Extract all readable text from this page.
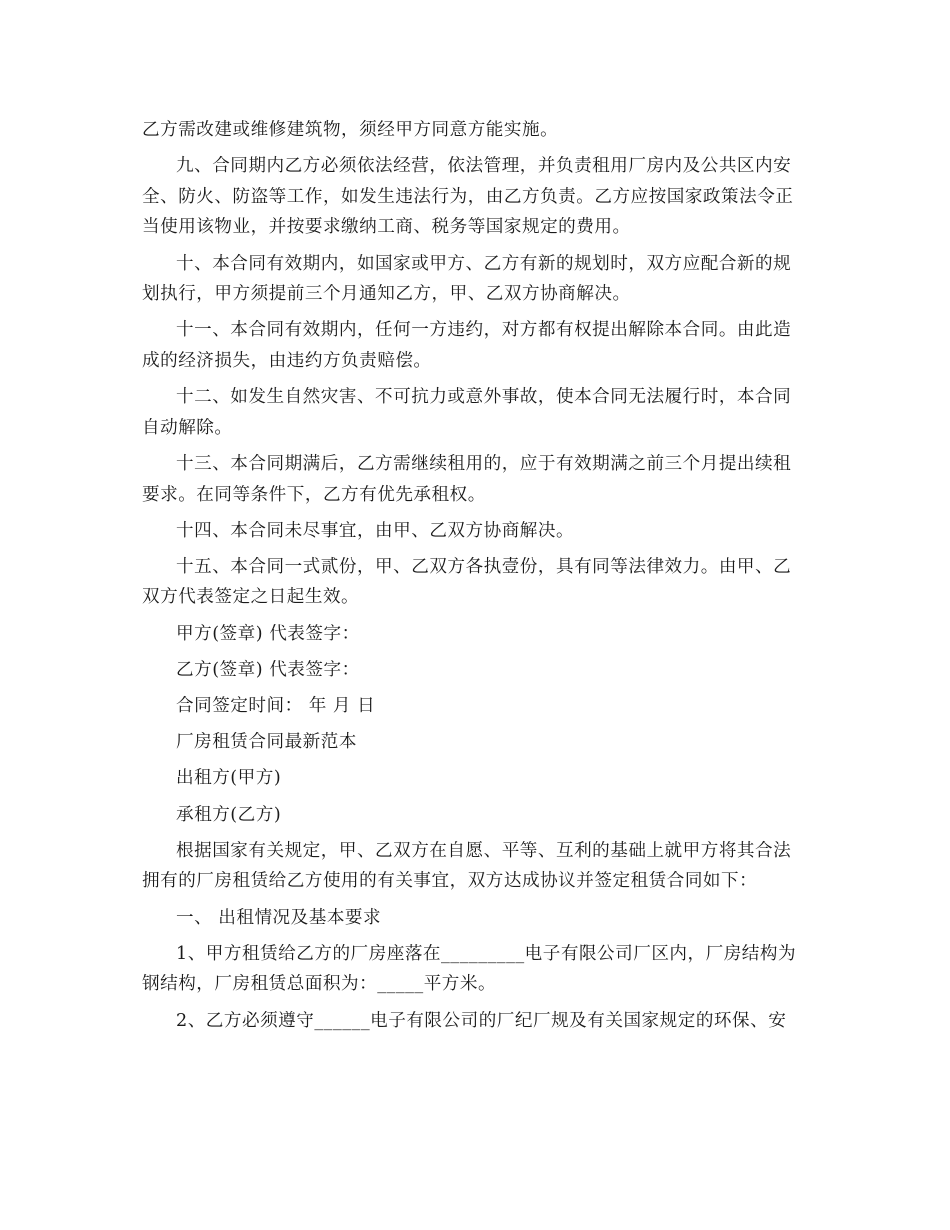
乙方需改建或维修建筑物，须经甲方同意方能实施。

九、合同期内乙方必须依法经营，依法管理，并负责租用厂房内及公共区内安全、防火、防盗等工作，如发生违法行为，由乙方负责。乙方应按国家政策法令正当使用该物业，并按要求缴纳工商、税务等国家规定的费用。

十、本合同有效期内，如国家或甲方、乙方有新的规划时，双方应配合新的规划执行，甲方须提前三个月通知乙方，甲、乙双方协商解决。

十一、本合同有效期内，任何一方违约，对方都有权提出解除本合同。由此造成的经济损失，由违约方负责赔偿。

十二、如发生自然灾害、不可抗力或意外事故，使本合同无法履行时，本合同自动解除。

十三、本合同期满后，乙方需继续租用的，应于有效期满之前三个月提出续租要求。在同等条件下，乙方有优先承租权。

十四、本合同未尽事宜，由甲、乙双方协商解决。

十五、本合同一式贰份，甲、乙双方各执壹份，具有同等法律效力。由甲、乙双方代表签定之日起生效。

甲方(签章) 代表签字：

乙方(签章) 代表签字：

合同签定时间： 年 月 日

厂房租赁合同最新范本

出租方(甲方)

承租方(乙方)

根据国家有关规定，甲、乙双方在自愿、平等、互利的基础上就甲方将其合法拥有的厂房租赁给乙方使用的有关事宜，双方达成协议并签定租赁合同如下：

一、 出租情况及基本要求

1、甲方租赁给乙方的厂房座落在_________电子有限公司厂区内，厂房结构为钢结构，厂房租赁总面积为：_____平方米。

2、乙方必须遵守______电子有限公司的厂纪厂规及有关国家规定的环保、安
